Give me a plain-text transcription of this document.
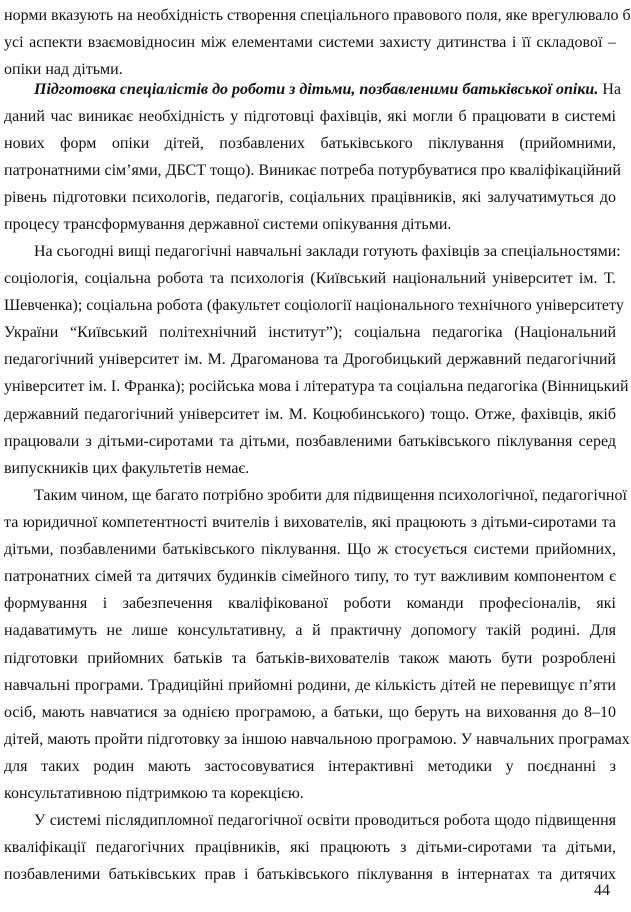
норми вказують на необхідність створення спеціального правового поля, яке врегулювало б
усі аспекти взаємовідносин між елементами системи захисту дитинства і її складової –
опіки над дітьми.
Підготовка спеціалістів до роботи з дітьми, позбавленими батьківської опіки. На
даний час виникає необхідність у підготовці фахівців, які могли б працювати в системі
нових форм опіки дітей, позбавлених батьківського піклування (прийомними,
патронатними сім’ями, ДБСТ тощо). Виникає потреба потурбуватися про кваліфікаційний
рівень підготовки психологів, педагогів, соціальних працівників, які залучатимуться до
процесу трансформування державної системи опікування дітьми.
На сьогодні вищі педагогічні навчальні заклади готують фахівців за спеціальностями:
соціологія, соціальна робота та психологія (Київський національний університет ім. Т.
Шевченка); соціальна робота (факультет соціології національного технічного університету
України “Київський політехнічний інститут”); соціальна педагогіка (Національний
педагогічний університет ім. М. Драгоманова та Дрогобицький державний педагогічний
університет ім. І. Франка); російська мова і література та соціальна педагогіка (Вінницький
державний педагогічний університет ім. М. Коцюбинського) тощо. Отже, фахівців, якіб
працювали з дітьми-сиротами та дітьми, позбавленими батьківського піклування серед
випускників цих факультетів немає.
Таким чином, ще багато потрібно зробити для підвищення психологічної, педагогічної
та юридичної компетентності вчителів і вихователів, які працюють з дітьми-сиротами та
дітьми, позбавленими батьківського піклування. Що ж стосується системи прийомних,
патронатних сімей та дитячих будинків сімейного типу, то тут важливим компонентом є
формування і забезпечення кваліфікованої роботи команди професіоналів, які
надаватимуть не лише консультативну, а й практичну допомогу такій родині. Для
підготовки прийомних батьків та батьків-вихователів також мають бути розроблені
навчальні програми. Традиційні прийомні родини, де кількість дітей не перевищує п’яти
осіб, мають навчатися за однією програмою, а батьки, що беруть на виховання до 8–10
дітей, мають пройти підготовку за іншою навчальною програмою. У навчальних програмах
для таких родин мають застосовуватися інтерактивні методики у поєднанні з
консультативною підтримкою та корекцією.
У системі післядипломної педагогічної освіти проводиться робота щодо підвищення
кваліфікації педагогічних працівників, які працюють з дітьми-сиротами та дітьми,
позбавленими батьківських прав і батьківського піклування в інтернатах та дитячих
44
